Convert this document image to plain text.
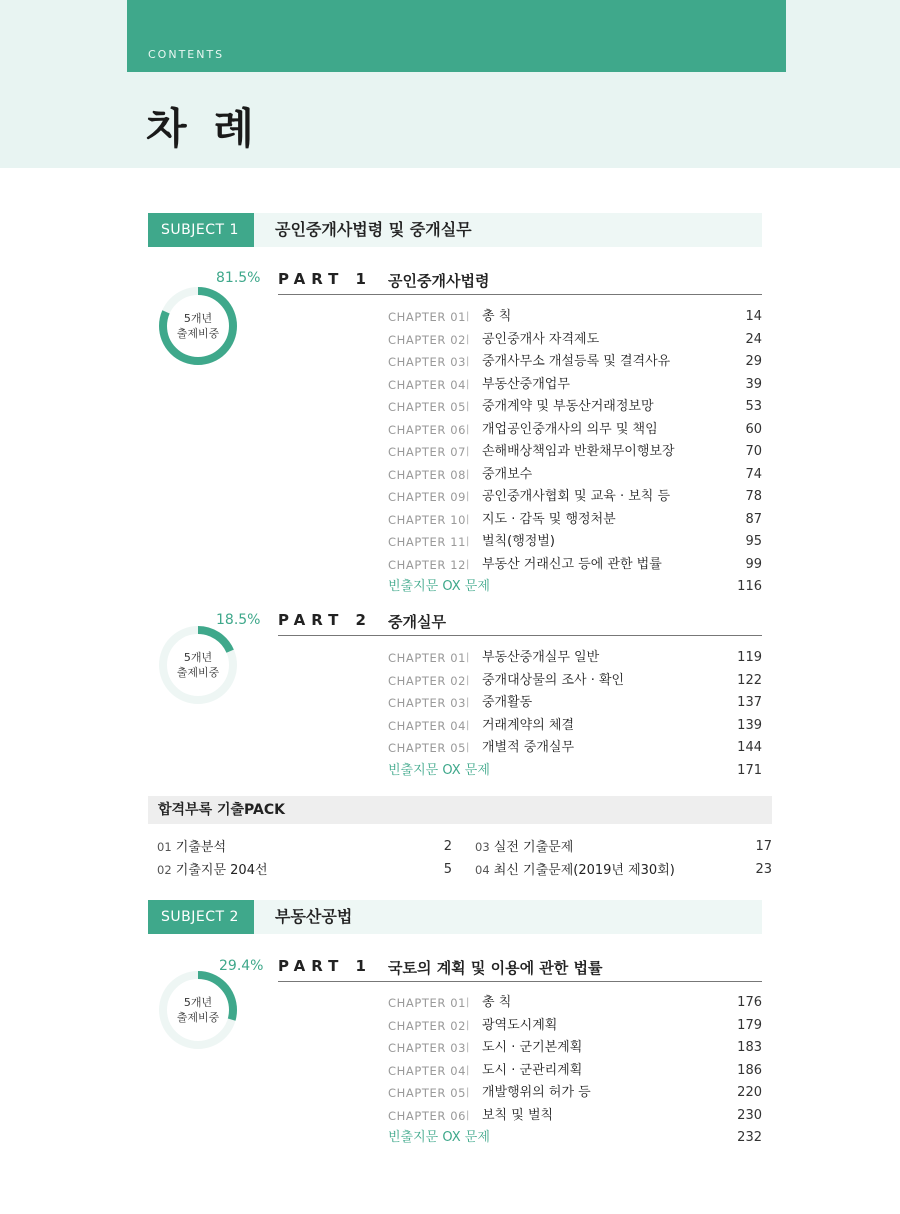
CONTENTS
차 례
SUBJECT 1	공인중개사법령 및 중개실무
81.5%
5개년
출제비중
PART 1 공인중개사법령
CHAPTER 01 | 총 칙	14
CHAPTER 02 | 공인중개사 자격제도	24
CHAPTER 03 | 중개사무소 개설등록 및 결격사유	29
CHAPTER 04 | 부동산중개업무	39
CHAPTER 05 | 중개계약 및 부동산거래정보망	53
CHAPTER 06 | 개업공인중개사의 의무 및 책임	60
CHAPTER 07 | 손해배상책임과 반환채무이행보장	70
CHAPTER 08 | 중개보수	74
CHAPTER 09 | 공인중개사협회 및 교육 · 보칙 등	78
CHAPTER 10 | 지도 · 감독 및 행정처분	87
CHAPTER 11 | 벌칙(행정벌)	95
CHAPTER 12 | 부동산 거래신고 등에 관한 법률	99
빈출지문 OX 문제	116
18.5%
5개년
출제비중
PART 2 중개실무
CHAPTER 01 | 부동산중개실무 일반	119
CHAPTER 02 | 중개대상물의 조사 · 확인	122
CHAPTER 03 | 중개활동	137
CHAPTER 04 | 거래계약의 체결	139
CHAPTER 05 | 개별적 중개실무	144
빈출지문 OX 문제	171
합격부록 기출PACK
01 기출분석	2
02 기출지문 204선	5
03 실전 기출문제	17
04 최신 기출문제(2019년 제30회)	23
SUBJECT 2	부동산공법
29.4%
5개년
출제비중
PART 1 국토의 계획 및 이용에 관한 법률
CHAPTER 01 | 총 칙	176
CHAPTER 02 | 광역도시계획	179
CHAPTER 03 | 도시 · 군기본계획	183
CHAPTER 04 | 도시 · 군관리계획	186
CHAPTER 05 | 개발행위의 허가 등	220
CHAPTER 06 | 보칙 및 벌칙	230
빈출지문 OX 문제	232
